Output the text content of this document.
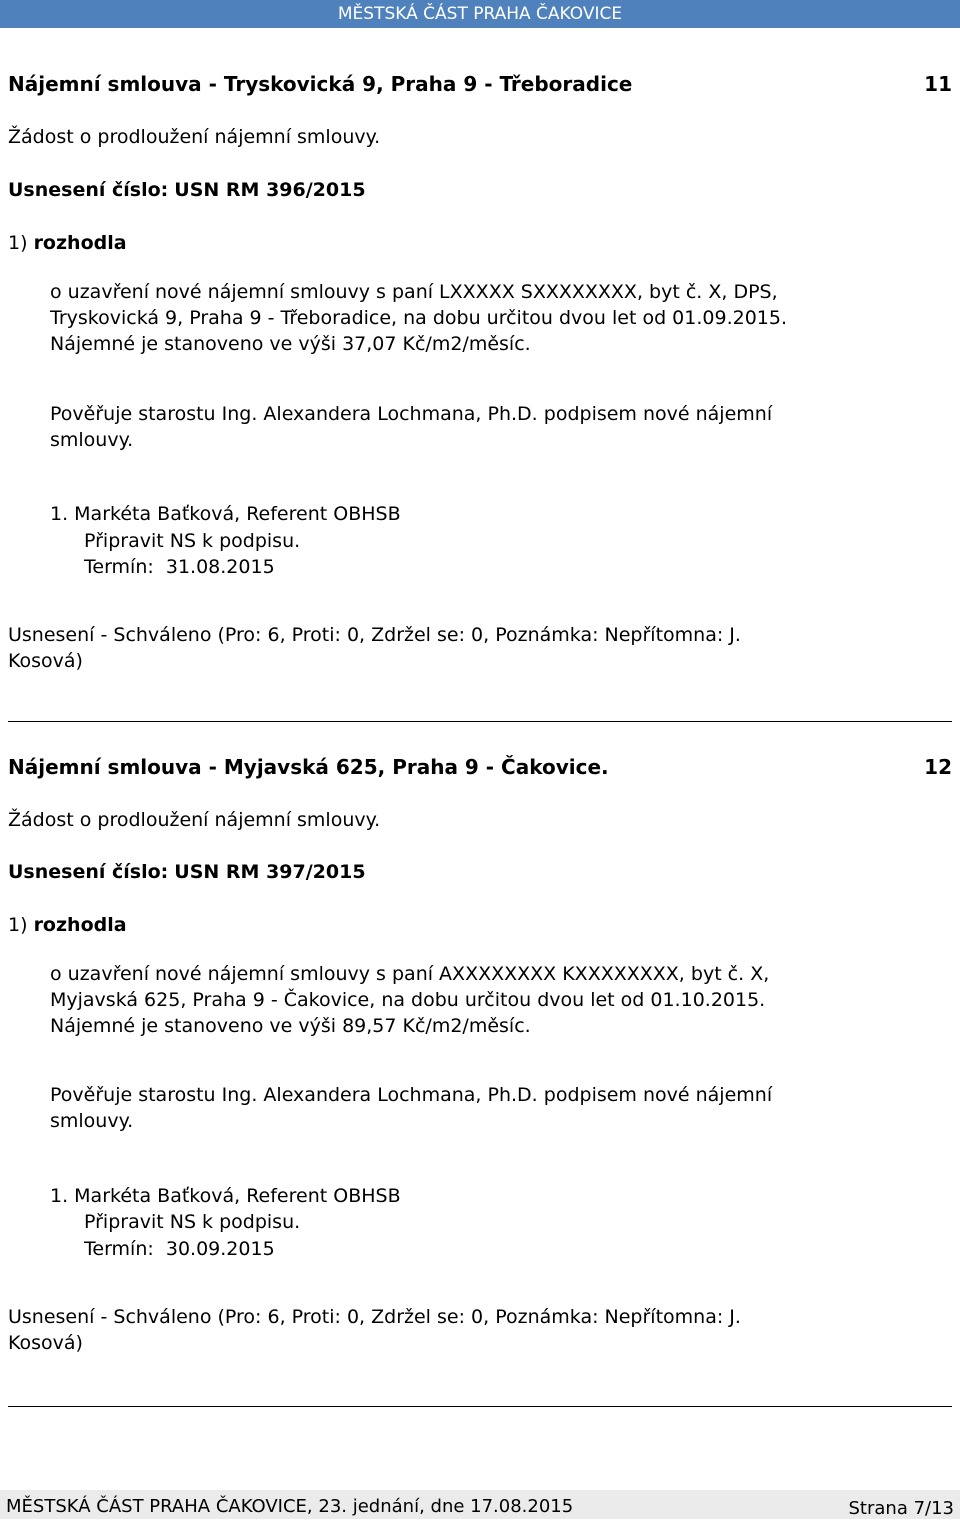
MĚSTSKÁ ČÁST PRAHA ČAKOVICE
Nájemní smlouva - Tryskovická 9, Praha 9 - Třeboradice	11
Žádost o prodloužení nájemní smlouvy.
Usnesení číslo: USN RM 396/2015
1) rozhodla
o uzavření nové nájemní smlouvy s paní LXXXXX SXXXXXXXX, byt č. X, DPS,
Tryskovická 9, Praha 9 - Třeboradice, na dobu určitou dvou let od 01.09.2015.
Nájemné je stanoveno ve výši 37,07 Kč/m2/měsíc.
Pověřuje starostu Ing. Alexandera Lochmana, Ph.D. podpisem nové nájemní
smlouvy.
1. Markéta Baťková, Referent OBHSB
Připravit NS k podpisu.
Termín: 31.08.2015
Usnesení - Schváleno (Pro: 6, Proti: 0, Zdržel se: 0, Poznámka: Nepřítomna: J.
Kosová)
Nájemní smlouva - Myjavská 625, Praha 9 - Čakovice.	12
Žádost o prodloužení nájemní smlouvy.
Usnesení číslo: USN RM 397/2015
1) rozhodla
o uzavření nové nájemní smlouvy s paní AXXXXXXXX KXXXXXXXX, byt č. X,
Myjavská 625, Praha 9 - Čakovice, na dobu určitou dvou let od 01.10.2015.
Nájemné je stanoveno ve výši 89,57 Kč/m2/měsíc.
Pověřuje starostu Ing. Alexandera Lochmana, Ph.D. podpisem nové nájemní
smlouvy.
1. Markéta Baťková, Referent OBHSB
Připravit NS k podpisu.
Termín: 30.09.2015
Usnesení - Schváleno (Pro: 6, Proti: 0, Zdržel se: 0, Poznámka: Nepřítomna: J.
Kosová)
MĚSTSKÁ ČÁST PRAHA ČAKOVICE, 23. jednání, dne 17.08.2015	Strana 7/13
